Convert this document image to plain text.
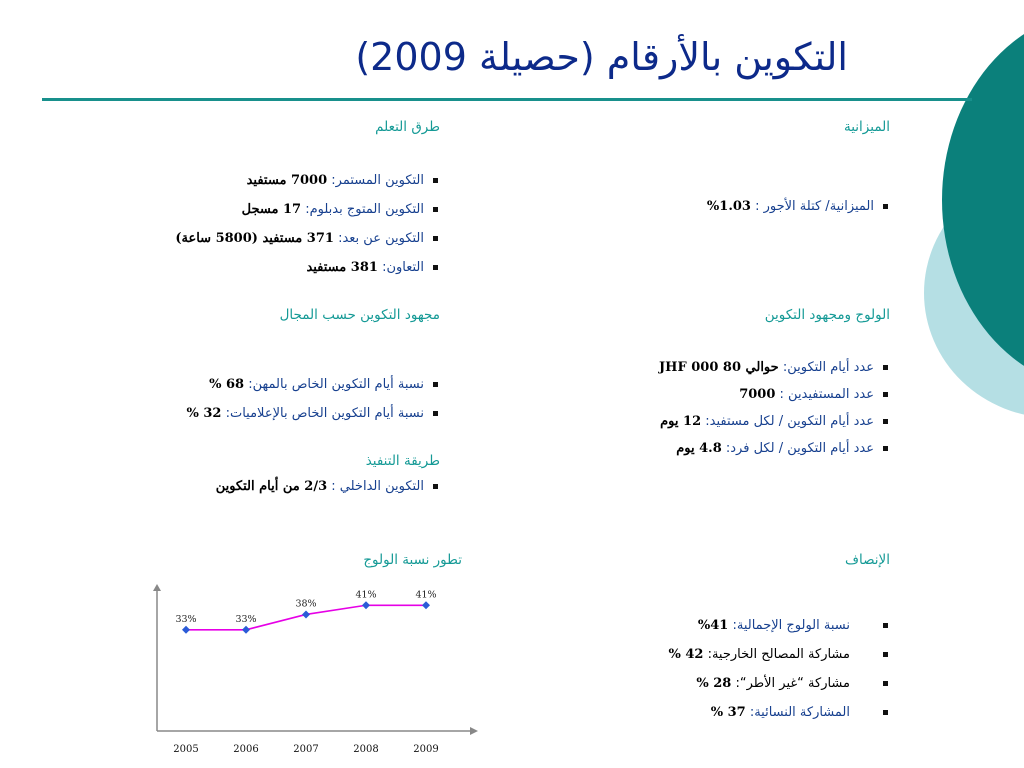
التكوين بالأرقام (حصيلة 2009)
الميزانية
الميزانية/ كتلة الأجور : 1.03%
طرق التعلم
التكوين المستمر: 7000 مستفيد
التكوين المتوج بدبلوم: 17 مسجل
التكوين عن بعد: 371 مستفيد (5800 ساعة)
التعاون: 381 مستفيد
الولوج ومجهود التكوين
عدد أيام التكوين: حوالي 80 000 JHF
عدد المستفيدين : 7000
عدد أيام التكوين / لكل مستفيد: 12 يوم
عدد أيام التكوين / لكل فرد: 4.8 يوم
مجهود التكوين حسب المجال
نسبة أيام التكوين الخاص بالمهن: 68 %
نسبة أيام التكوين الخاص بالإعلاميات: 32 %
طريقة التنفيذ
التكوين الداخلي : 2/3 من أيام التكوين
الإنصاف
نسبة الولوج الإجمالية: 41%
مشاركة المصالح الخارجية: 42 %
مشاركة “غير الأطر“: 28 %
المشاركة النسائية: 37 %
تطور نسبة الولوج
33%	33%
38%
41%	41%
2005	2006	2007	2008	2009
